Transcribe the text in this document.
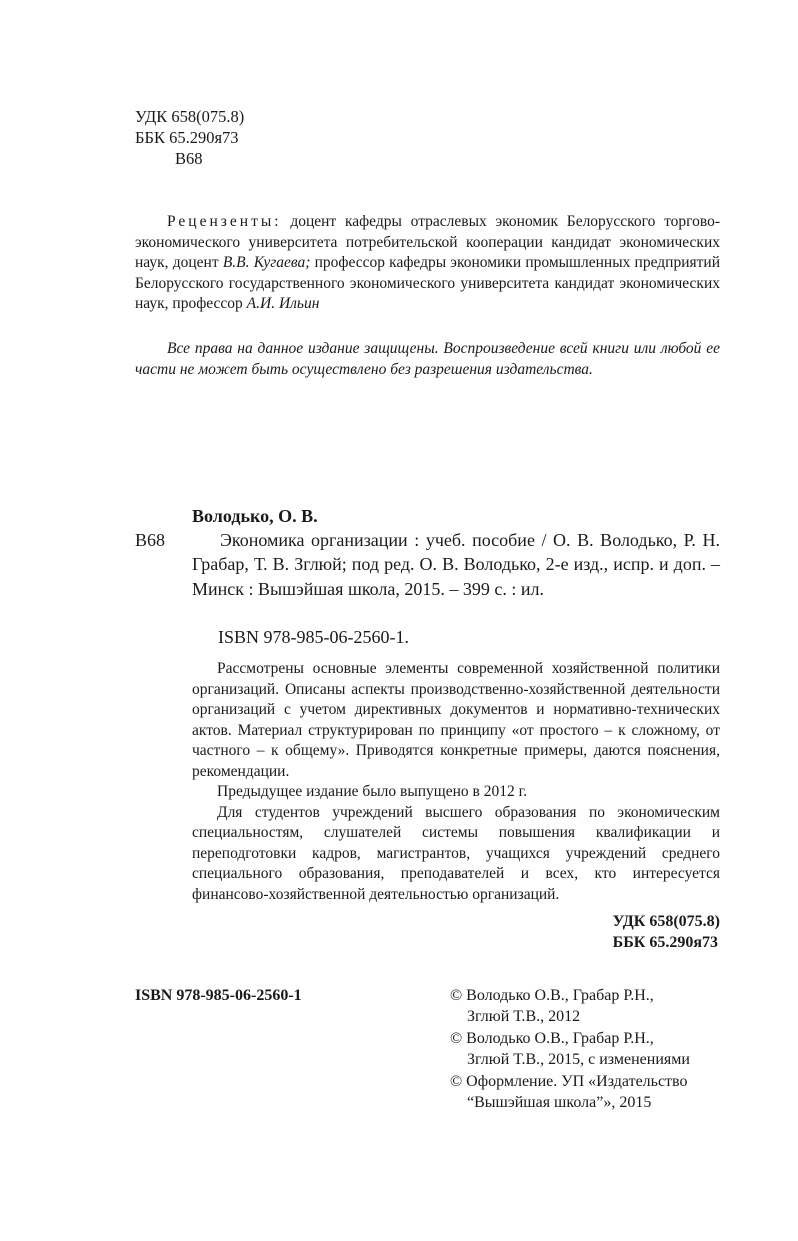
УДК 658(075.8)
ББК 65.290я73
В68
Рецензенты: доцент кафедры отраслевых экономик Белорусского торгово-экономического университета потребительской кооперации кандидат экономических наук, доцент В.В. Кугаева; профессор кафедры экономики промышленных предприятий Белорусского государственного экономического университета кандидат экономических наук, профессор А.И. Ильин
Все права на данное издание защищены. Воспроизведение всей книги или любой ее части не может быть осуществлено без разрешения издательства.
Володько, О. В.
В68	Экономика организации : учеб. пособие / О. В. Володько, Р. Н. Грабар, Т. В. Зглюй; под ред. О. В. Володько, 2-е изд., испр. и доп. – Минск : Вышэйшая школа, 2015. – 399 с. : ил.
ISBN 978-985-06-2560-1.

Рассмотрены основные элементы современной хозяйственной политики организаций. Описаны аспекты производственно-хозяйственной деятельности организаций с учетом директивных документов и нормативно-технических актов. Материал структурирован по принципу «от простого – к сложному, от частного – к общему». Приводятся конкретные примеры, даются пояснения, рекомендации.

Предыдущее издание было выпущено в 2012 г.

Для студентов учреждений высшего образования по экономическим специальностям, слушателей системы повышения квалификации и переподготовки кадров, магистрантов, учащихся учреждений среднего специального образования, преподавателей и всех, кто интересуется финансово-хозяйственной деятельностью организаций.

УДК 658(075.8)
ББК 65.290я73
ISBN 978-985-06-2560-1	© Володько О.В., Грабар Р.Н.,
Зглюй Т.В., 2012
© Володько О.В., Грабар Р.Н.,
Зглюй Т.В., 2015, с изменениями
© Оформление. УП «Издательство
“Вышэйшая школа”», 2015
